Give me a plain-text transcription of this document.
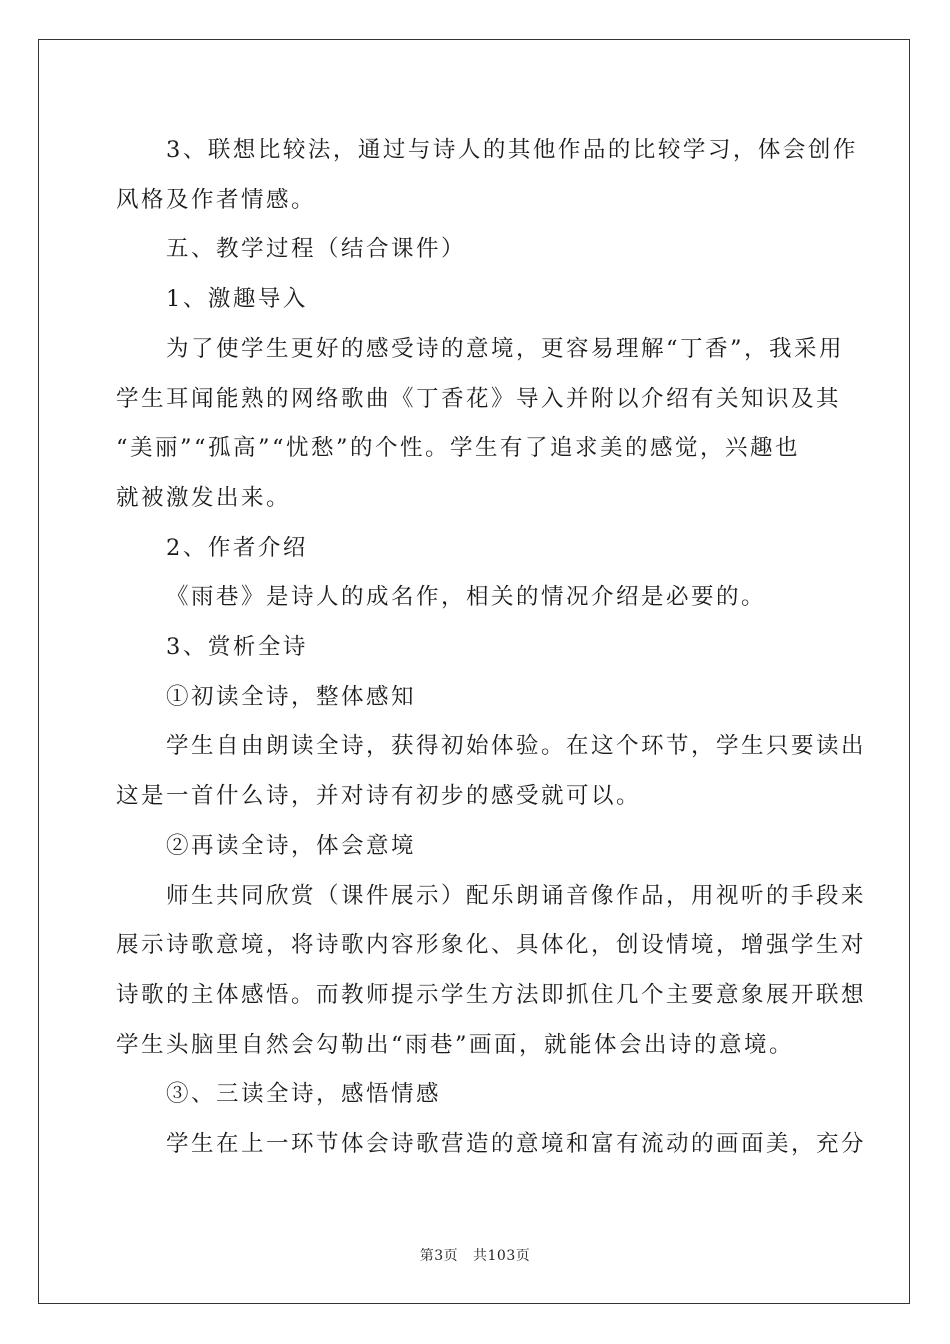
3、联想比较法，通过与诗人的其他作品的比较学习，体会创作

风格及作者情感。

五、教学过程（结合课件）

1、激趣导入

为了使学生更好的感受诗的意境，更容易理解“丁香”，我采用

学生耳闻能熟的网络歌曲《丁香花》导入并附以介绍有关知识及其

“美丽”“孤高”“忧愁”的个性。学生有了追求美的感觉，兴趣也

就被激发出来。

2、作者介绍

《雨巷》是诗人的成名作，相关的情况介绍是必要的。

3、赏析全诗

①初读全诗，整体感知

学生自由朗读全诗，获得初始体验。在这个环节，学生只要读出

这是一首什么诗，并对诗有初步的感受就可以。

②再读全诗，体会意境

师生共同欣赏（课件展示）配乐朗诵音像作品，用视听的手段来

展示诗歌意境，将诗歌内容形象化、具体化，创设情境，增强学生对

诗歌的主体感悟。而教师提示学生方法即抓住几个主要意象展开联想

学生头脑里自然会勾勒出“雨巷”画面，就能体会出诗的意境。

③、三读全诗，感悟情感

学生在上一环节体会诗歌营造的意境和富有流动的画面美，充分

第3页 共103页
